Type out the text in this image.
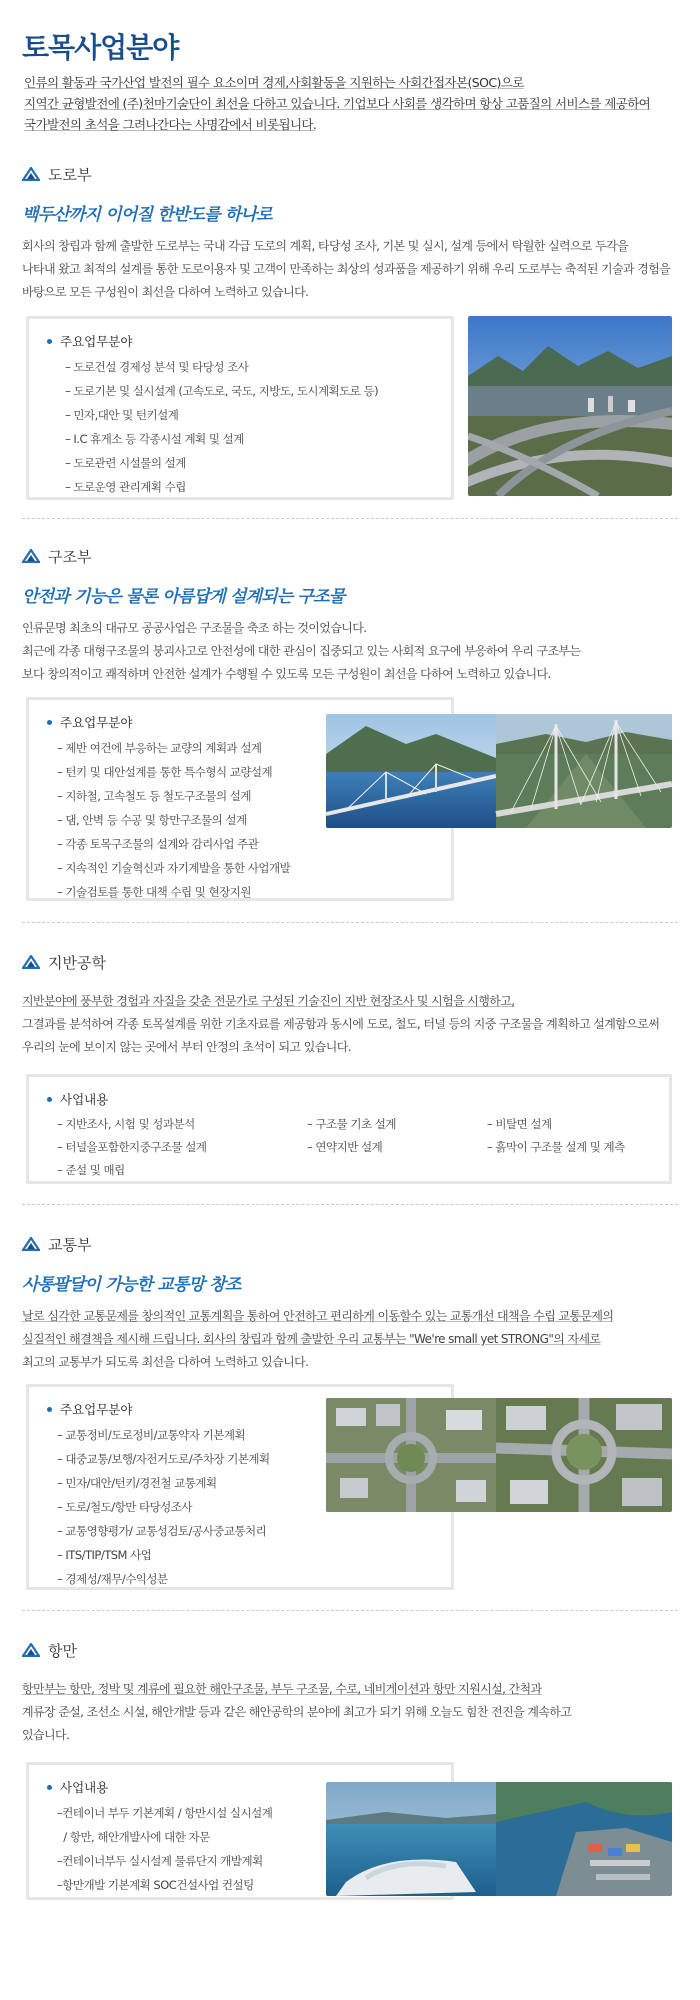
토목사업분야
인류의 활동과 국가산업 발전의 필수 요소이며 경제,사회활동을 지원하는 사회간접자본(SOC)으로
지역간 균형발전에 (주)천마기술단이 최선을 다하고 있습니다. 기업보다 사회를 생각하며 항상 고품질의 서비스를 제공하여
국가발전의 초석을 그려나간다는 사명감에서 비롯됩니다.
도로부
백두산까지 이어질 한반도를 하나로
회사의 창립과 함께 출발한 도로부는 국내 각급 도로의 계획, 타당성 조사, 기본 및 실시, 설계 등에서 탁월한 실력으로 두각을
나타내 왔고 최적의 설계를 통한 도로이용자 및 고객이 만족하는 최상의 성과품을 제공하기 위해 우리 도로부는 축적된 기술과 경험을
바탕으로 모든 구성원이 최선을 다하여 노력하고 있습니다.
주요업무분야
– 도로건설 경제성 분석 및 타당성 조사
– 도로기본 및 실시설계 (고속도로, 국도, 지방도, 도시계획도로 등)
– 민자,대안 및 턴키설계
– I.C 휴게소 등 각종시설 계획 및 설계
– 도로관련 시설물의 설계
– 도로운영 관리계획 수립
구조부
안전과 기능은 물론 아름답게 설계되는 구조물
인류문명 최초의 대규모 공공사업은 구조물을 축조 하는 것이었습니다.
최근에 각종 대형구조물의 붕괴사고로 안전성에 대한 관심이 집중되고 있는 사회적 요구에 부응하여 우리 구조부는
보다 창의적이고 쾌적하며 안전한 설계가 수행될 수 있도록 모든 구성원이 최선을 다하여 노력하고 있습니다.
주요업무분야
– 제반 여건에 부응하는 교량의 계획과 설계
– 턴키 및 대안설계를 통한 특수형식 교량설계
– 지하철, 고속철도 등 철도구조물의 설계
– 댐, 안벽 등 수공 및 항만구조물의 설계
– 각종 토목구조물의 설계와 감리사업 주관
– 지속적인 기술혁신과 자기계발을 통한 사업개발
– 기술검토를 통한 대책 수립 및 현장지원
지반공학
지반분야에 풍부한 경험과 자질을 갖춘 전문가로 구성된 기술진이 지반 현장조사 및 시험을 시행하고,
그결과를 분석하여 각종 토목설계를 위한 기초자료를 제공함과 동시에 도로, 철도, 터널 등의 지중 구조물을 계획하고 설계함으로써
우리의 눈에 보이지 않는 곳에서 부터 안정의 초석이 되고 있습니다.
사업내용
– 지반조사, 시험 및 성과분석	– 구조물 기초 설계	– 비탈면 설계
– 터널을포함한지중구조물 설계	– 연약지반 설계	– 흙막이 구조물 설계 및 계측
– 준설 및 매립
교통부
사통팔달이 가능한 교통망 창조
날로 심각한 교통문제를 창의적인 교통계획을 통하여 안전하고 편리하게 이동할수 있는 교통개선 대책을 수립 교통문제의
실질적인 해결책을 제시해 드립니다. 회사의 창립과 함께 출발한 우리 교통부는 "We're small yet STRONG"의 자세로
최고의 교통부가 되도록 최선을 다하여 노력하고 있습니다.
주요업무분야
– 교통정비/도로정비/교통약자 기본계획
– 대중교통/보행/자전거도로/주차장 기본계획
– 민자/대안/턴키/경전철 교통계획
– 도로/철도/항만 타당성조사
– 교통영향평가/ 교통성검토/공사중교통처리
– ITS/TIP/TSM 사업
– 경제성/재무/수익성분
항만
항만부는 항만, 정박 및 계류에 필요한 해안구조물, 부두 구조물, 수로, 네비게이션과 항만 지원시설, 간척과
계류장 준설, 조선소 시설, 해안개발 등과 같은 해안공학의 분야에 최고가 되기 위해 오늘도 힘찬 전진을 계속하고
있습니다.
사업내용
–컨테이너 부두 기본계획 / 항만시설 실시설계
/ 항만, 해안개발사에 대한 자문
–컨테이너부두 실시설계 물류단지 개발계획
–항만개발 기본계획 SOC건설사업 컨설팅
